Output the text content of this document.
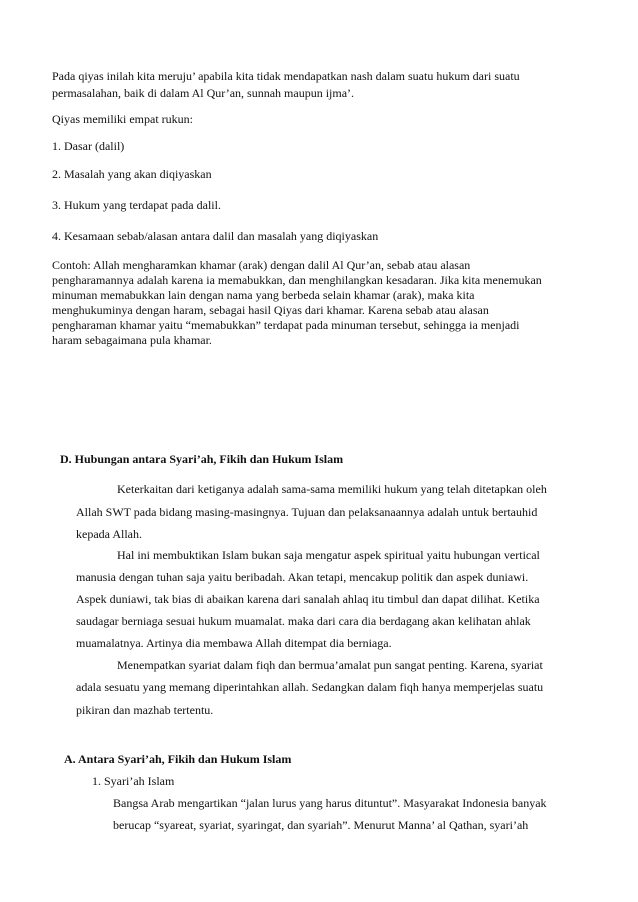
Pada qiyas inilah kita meruju’ apabila kita tidak mendapatkan nash dalam suatu hukum dari suatu
permasalahan, baik di dalam Al Qur’an, sunnah maupun ijma’.
Qiyas memiliki empat rukun:
1. Dasar (dalil)
2. Masalah yang akan diqiyaskan
3. Hukum yang terdapat pada dalil.
4. Kesamaan sebab/alasan antara dalil dan masalah yang diqiyaskan
Contoh: Allah mengharamkan khamar (arak) dengan dalil Al Qur’an, sebab atau alasan
pengharamannya adalah karena ia memabukkan, dan menghilangkan kesadaran. Jika kita menemukan
minuman memabukkan lain dengan nama yang berbeda selain khamar (arak), maka kita
menghukuminya dengan haram, sebagai hasil Qiyas dari khamar. Karena sebab atau alasan
pengharaman khamar yaitu “memabukkan” terdapat pada minuman tersebut, sehingga ia menjadi
haram sebagaimana pula khamar.
D. Hubungan antara Syari’ah, Fikih dan Hukum Islam
Keterkaitan dari ketiganya adalah sama-sama memiliki hukum yang telah ditetapkan oleh
Allah SWT pada bidang masing-masingnya. Tujuan dan pelaksanaannya adalah untuk bertauhid
kepada Allah.
Hal ini membuktikan Islam bukan saja mengatur aspek spiritual yaitu hubungan vertical
manusia dengan tuhan saja yaitu beribadah. Akan tetapi, mencakup politik dan aspek duniawi.
Aspek duniawi, tak bias di abaikan karena dari sanalah ahlaq itu timbul dan dapat dilihat. Ketika
saudagar berniaga sesuai hukum muamalat. maka dari cara dia berdagang akan kelihatan ahlak
muamalatnya. Artinya dia membawa Allah ditempat dia berniaga.
Menempatkan syariat dalam fiqh dan bermua’amalat pun sangat penting. Karena, syariat
adala sesuatu yang memang diperintahkan allah. Sedangkan dalam fiqh hanya memperjelas suatu
pikiran dan mazhab tertentu.
A. Antara Syari’ah, Fikih dan Hukum Islam
1. Syari’ah Islam
Bangsa Arab mengartikan “jalan lurus yang harus dituntut”. Masyarakat Indonesia banyak
berucap “syareat, syariat, syaringat, dan syariah”. Menurut Manna’ al Qathan, syari’ah
